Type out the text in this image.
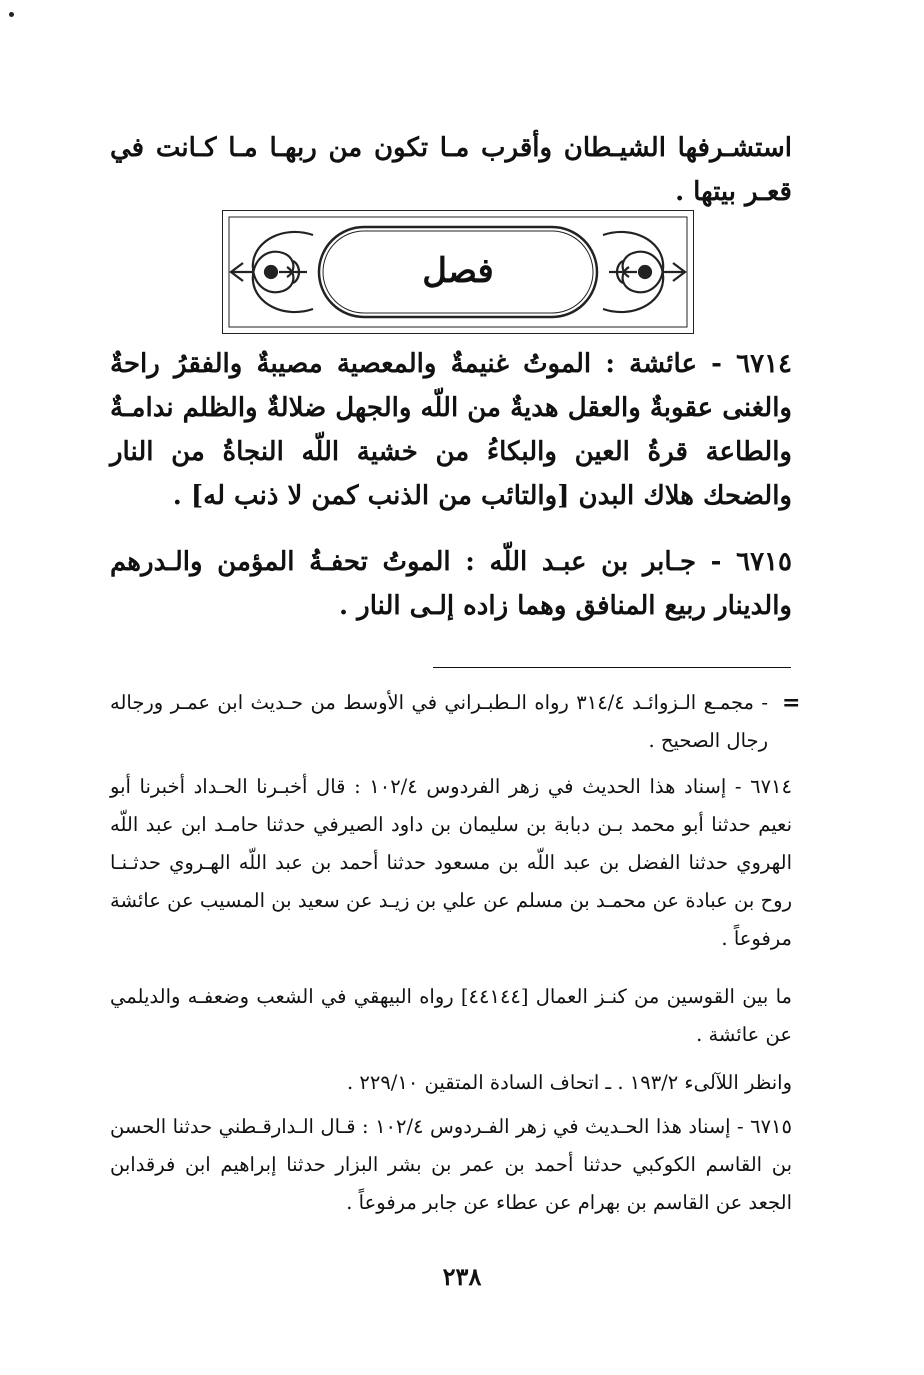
استشـرفها الشيـطان وأقرب مـا تكون من ربهـا مـا كـانت في قعـر بيتها .

فصل

٦٧١٤ - عائشة : الموتُ غنيمةٌ والمعصية مصيبةٌ والفقرُ راحةٌ والغنى عقوبةٌ والعقل هديةٌ من اللّه والجهل ضلالةٌ والظلم ندامـةٌ والطاعة قرةُ العين والبكاءُ من خشية اللّه النجاةُ من النار والضحك هلاك البدن [والتائب من الذنب كمن لا ذنب له] .

٦٧١٥ - جـابر بن عبـد اللّه : الموتُ تحفـةُ المؤمن والـدرهم والدينار ربيع المنافق وهما زاده إلـى النار .

=

- مجمـع الـزوائـد ٣١٤/٤ رواه الـطبـراني في الأوسط من حـديث ابن عمـر ورجاله رجال الصحيح .

٦٧١٤ - إسناد هذا الحديث في زهر الفردوس ١٠٢/٤ : قال أخبـرنا الحـداد أخبرنا أبو نعيم حدثنا أبو محمد بـن دبابة بن سليمان بن داود الصيرفي حدثنا حامـد ابن عبد اللّه الهروي حدثنا الفضل بن عبد اللّه بن مسعود حدثنا أحمد بن عبد اللّه الهـروي حدثـنـا روح بن عبادة عن محمـد بن مسلم عن علي بن زيـد عن سعيد بن المسيب عن عائشة مرفوعاً .

ما بين القوسين من كنـز العمال [٤٤١٤٤] رواه البيهقي في الشعب وضعفـه والديلمي عن عائشة .

وانظر اللآلىء ١٩٣/٢ . ـ اتحاف السادة المتقين ٢٢٩/١٠ .

٦٧١٥ - إسناد هذا الحـديث في زهر الفـردوس ١٠٢/٤ : قـال الـدارقـطني حدثنا الحسن بن القاسم الكوكبي حدثنا أحمد بن عمر بن بشر البزار حدثنا إبراهيم ابن فرقدابن الجعد عن القاسم بن بهرام عن عطاء عن جابر مرفوعاً .

٢٣٨
